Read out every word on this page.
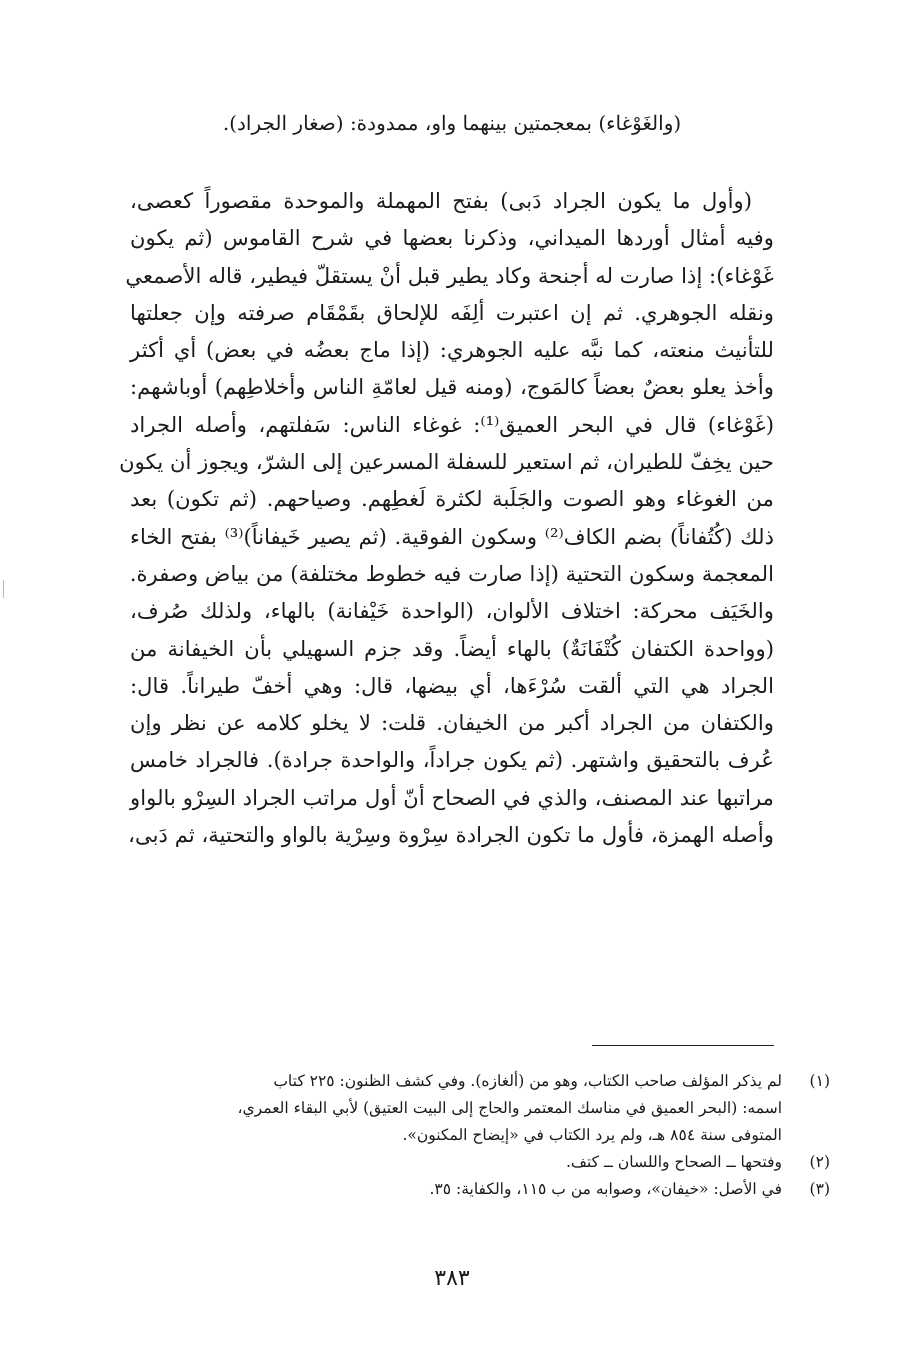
(والغَوْغاء) بمعجمتين بينهما واو، ممدودة: (صغار الجراد).
(وأول ما يكون الجراد دَبى) بفتح المهملة والموحدة مقصوراً كعصى،
وفيه أمثال أوردها الميداني، وذكرنا بعضها في شرح القاموس (ثم يكون
غَوْغاء): إذا صارت له أجنحة وكاد يطير قبل أنْ يستقلّ فيطير، قاله الأصمعي
ونقله الجوهري. ثم إن اعتبرت ألِفَه للإلحاق بقَمْقَام صرفته وإن جعلتها
للتأنيث منعته، كما نبَّه عليه الجوهري: (إذا ماج بعضُه في بعض) أي أكثر
وأخذ يعلو بعضٌ بعضاً كالمَوج، (ومنه قيل لعامّةِ الناس وأخلاطِهم) أوباشهم:
(غَوْغاء) قال في البحر العميق⁽¹⁾: غوغاء الناس: سَفلتهم، وأصله الجراد
حين يخِفّ للطيران، ثم استعير للسفلة المسرعين إلى الشرّ، ويجوز أن يكون
من الغوغاء وهو الصوت والجَلَبة لكثرة لَغطِهم. وصياحهم. (ثم تكون) بعد
ذلك (كُتُفاناً) بضم الكاف⁽²⁾ وسكون الفوقية. (ثم يصير خَيفاناً)⁽³⁾ بفتح الخاء
المعجمة وسكون التحتية (إذا صارت فيه خطوط مختلفة) من بياض وصفرة.
والخَيَف محركة: اختلاف الألوان، (الواحدة خَيْفانة) بالهاء، ولذلك صُرف،
(وواحدة الكتفان كُتْفَانَةٌ) بالهاء أيضاً. وقد جزم السهيلي بأن الخيفانة من
الجراد هي التي ألقت سُرْءَها، أي بيضها، قال: وهي أخفّ طيراناً. قال:
والكتفان من الجراد أكبر من الخيفان. قلت: لا يخلو كلامه عن نظر وإن
عُرف بالتحقيق واشتهر. (ثم يكون جراداً، والواحدة جرادة). فالجراد خامس
مراتبها عند المصنف، والذي في الصحاح أنّ أول مراتب الجراد السِرْو بالواو
وأصله الهمزة، فأول ما تكون الجرادة سِرْوة وسِرْية بالواو والتحتية، ثم دَبى،
(١)
لم يذكر المؤلف صاحب الكتاب، وهو من (ألغازه). وفي كشف الظنون: ٢٢٥ كتاب
اسمه: (البحر العميق في مناسك المعتمر والحاج إلى البيت العتيق) لأبي البقاء العمري،
المتوفى سنة ٨٥٤ هـ، ولم يرد الكتاب في «إيضاح المكنون».
(٢)
وفتحها ــ الصحاح واللسان ــ كتف.
(٣)
في الأصل: «خيفان»، وصوابه من ب ١١٥، والكفاية: ٣٥.
٣٨٣
